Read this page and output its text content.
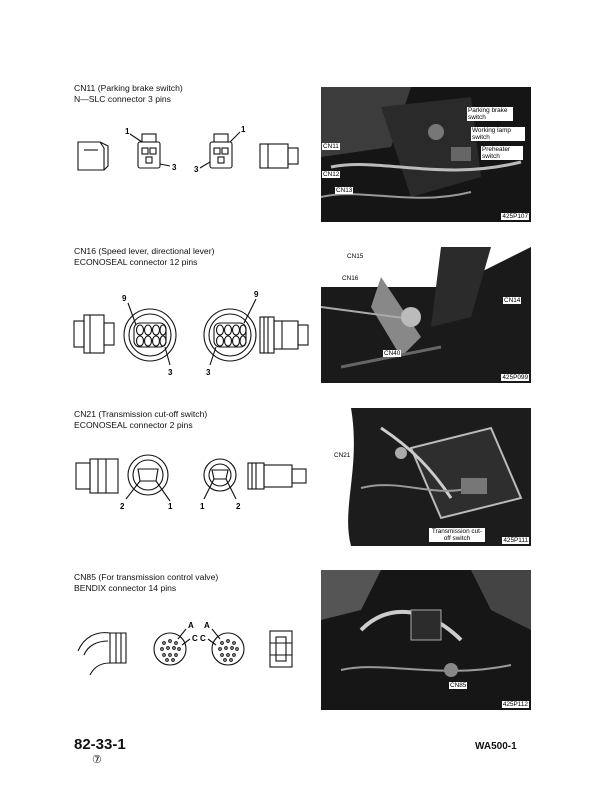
CN11 (Parking brake switch)
N—SLC connector 3 pins
1
3
1
3
Parking brake switch
Working lamp switch
Preheater switch
CN11
CN12
CN13
425P107
CN16 (Speed lever, directional lever)
ECONOSEAL connector 12 pins
9
3
9
3
CN15
CN16
CN14
CN40
425P099
CN21 (Transmission cut-off switch)
ECONOSEAL connector 2 pins
2	1	1	2
CN21
Transmission cut-off switch	425P111
CN85 (For transmission control valve)
BENDIX connector 14 pins
A
C
A
C
CN85
425P112
82-33-1
⑦
WA500-1
